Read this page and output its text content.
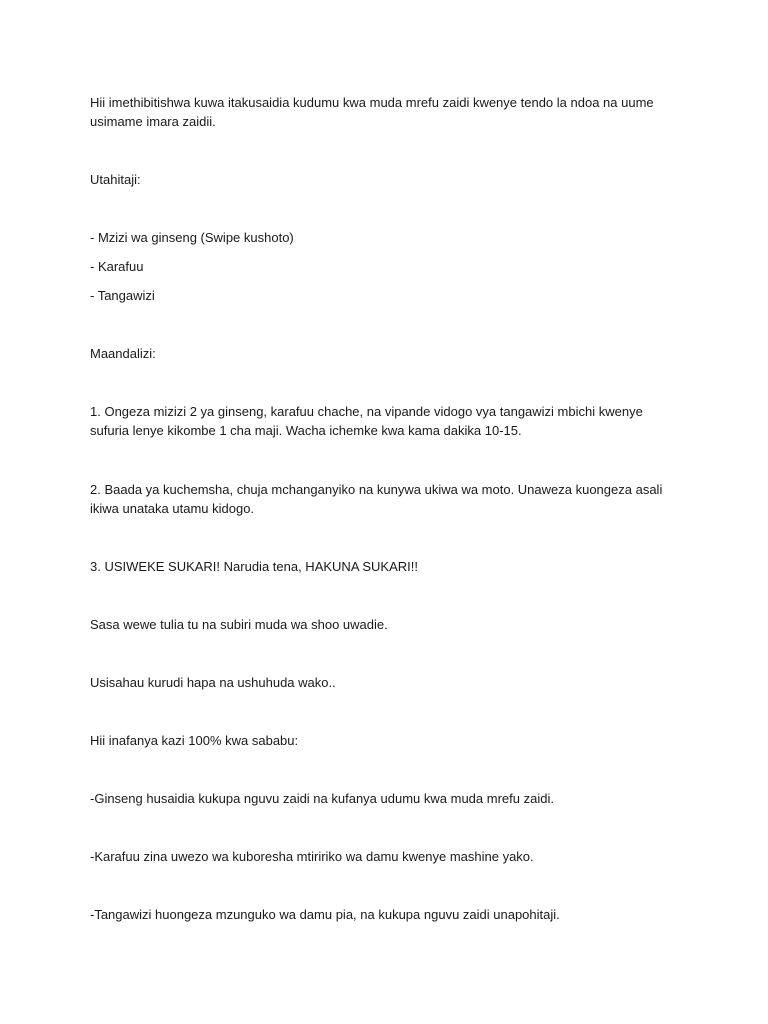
Hii imethibitishwa kuwa itakusaidia kudumu kwa muda mrefu zaidi kwenye tendo la ndoa na uume usimame imara zaidii.
Utahitaji:
- Mzizi wa ginseng (Swipe kushoto)
- Karafuu
- Tangawizi
Maandalizi:
1. Ongeza mizizi 2 ya ginseng, karafuu chache, na vipande vidogo vya tangawizi mbichi kwenye sufuria lenye kikombe 1 cha maji. Wacha ichemke kwa kama dakika 10-15.
2. Baada ya kuchemsha, chuja mchanganyiko na kunywa ukiwa wa moto. Unaweza kuongeza asali ikiwa unataka utamu kidogo.
3. USIWEKE SUKARI! Narudia tena, HAKUNA SUKARI!!
Sasa wewe tulia tu na subiri muda wa shoo uwadie.
Usisahau kurudi hapa na ushuhuda wako..
Hii inafanya kazi 100% kwa sababu:
-Ginseng husaidia kukupa nguvu zaidi na kufanya udumu kwa muda mrefu zaidi.
-Karafuu zina uwezo wa kuboresha mtiririko wa damu kwenye mashine yako.
-Tangawizi huongeza mzunguko wa damu pia, na kukupa nguvu zaidi unapohitaji.
